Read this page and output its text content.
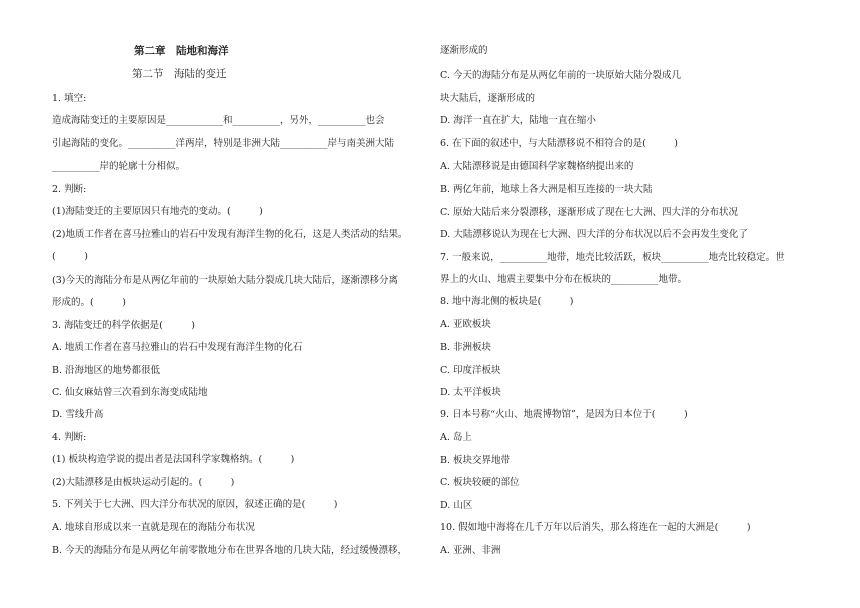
第二章　陆地和海洋
第二节　海陆的变迁
1. 填空:
造成海陆变迁的主要原因是____________和__________，另外，__________也会
引起海陆的变化。__________洋两岸，特别是非洲大陆__________岸与南美洲大陆
__________岸的轮廓十分相似。
2. 判断:
(1)海陆变迁的主要原因只有地壳的变动。(　　　)
(2)地质工作者在喜马拉雅山的岩石中发现有海洋生物的化石，这是人类活动的结果。
(　　　)
(3)今天的海陆分布是从两亿年前的一块原始大陆分裂成几块大陆后，逐渐漂移分离
形成的。(　　　)
3. 海陆变迁的科学依据是(　　　)
A. 地质工作者在喜马拉雅山的岩石中发现有海洋生物的化石
B. 沿海地区的地势都很低
C. 仙女麻姑曾三次看到东海变成陆地
D. 雪线升高
4. 判断:
(1) 板块构造学说的提出者是法国科学家魏格纳。(　　　)
(2)大陆漂移是由板块运动引起的。(　　　)
5. 下列关于七大洲、四大洋分布状况的原因，叙述正确的是(　　　)
A. 地球自形成以来一直就是现在的海陆分布状况
B. 今天的海陆分布是从两亿年前零散地分布在世界各地的几块大陆，经过缓慢漂移，
逐渐形成的
C. 今天的海陆分布是从两亿年前的一块原始大陆分裂成几
块大陆后，逐渐形成的
D. 海洋一直在扩大，陆地一直在缩小
6. 在下面的叙述中，与大陆漂移说不相符合的是(　　　)
A. 大陆漂移说是由德国科学家魏格纳提出来的
B. 两亿年前，地球上各大洲是相互连接的一块大陆
C. 原始大陆后来分裂漂移，逐渐形成了现在七大洲、四大洋的分布状况
D. 大陆漂移说认为现在七大洲、四大洋的分布状况以后不会再发生变化了
7. 一般来说，__________地带，地壳比较活跃，板块__________地壳比较稳定。世
界上的火山、地震主要集中分布在板块的__________地带。
8. 地中海北侧的板块是(　　　)
A. 亚欧板块
B. 非洲板块
C. 印度洋板块
D. 太平洋板块
9. 日本号称“火山、地震博物馆”，是因为日本位于(　　　)
A. 岛上
B. 板块交界地带
C. 板块较硬的部位
D. 山区
10. 假如地中海将在几千万年以后消失，那么将连在一起的大洲是(　　　)
A. 亚洲、非洲
